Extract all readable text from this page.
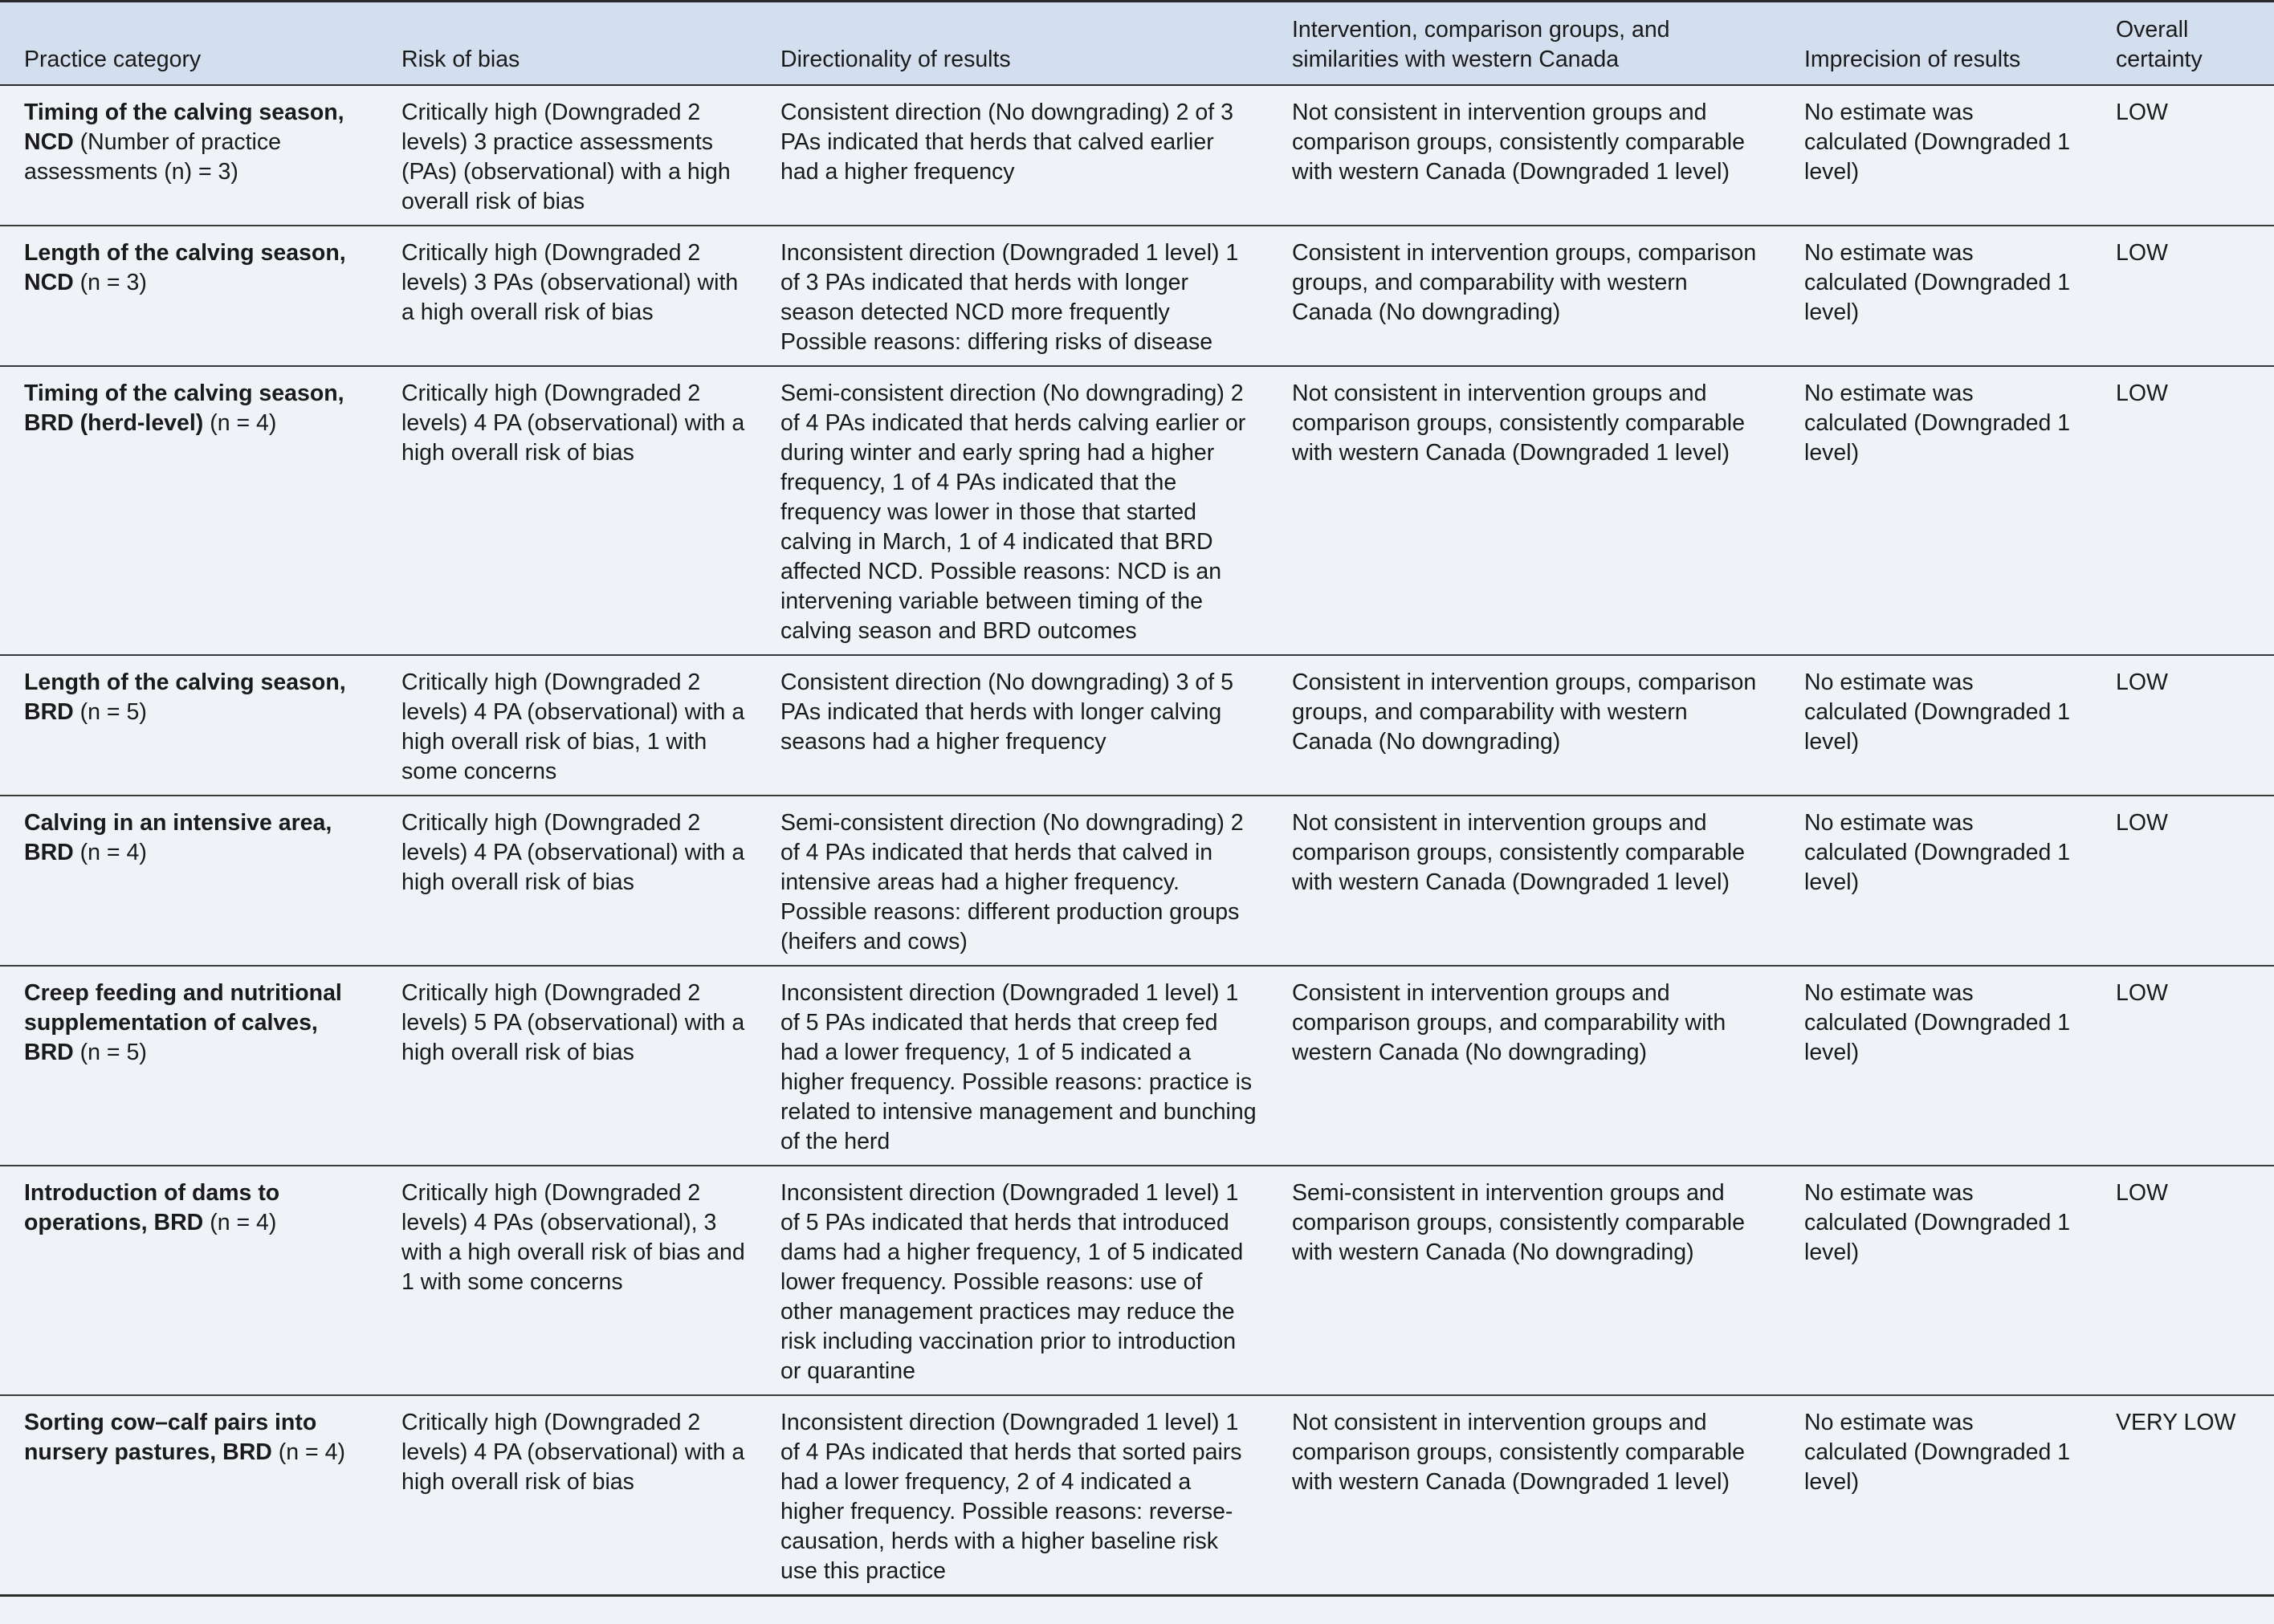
Practice category	Risk of bias	Directionality of results	Intervention, comparison groups, and similarities with western Canada	Imprecision of results	Overall certainty
Timing of the calving season, NCD (Number of practice assessments (n) = 3)	Critically high (Downgraded 2 levels) 3 practice assessments (PAs) (observational) with a high overall risk of bias	Consistent direction (No downgrading) 2 of 3 PAs indicated that herds that calved earlier had a higher frequency	Not consistent in intervention groups and comparison groups, consistently comparable with western Canada (Downgraded 1 level)	No estimate was calculated (Downgraded 1 level)	LOW
Length of the calving season, NCD (n = 3)	Critically high (Downgraded 2 levels) 3 PAs (observational) with a high overall risk of bias	Inconsistent direction (Downgraded 1 level) 1 of 3 PAs indicated that herds with longer season detected NCD more frequently Possible reasons: differing risks of disease	Consistent in intervention groups, comparison groups, and comparability with western Canada (No downgrading)	No estimate was calculated (Downgraded 1 level)	LOW
Timing of the calving season, BRD (herd-level) (n = 4)	Critically high (Downgraded 2 levels) 4 PA (observational) with a high overall risk of bias	Semi-consistent direction (No downgrading) 2 of 4 PAs indicated that herds calving earlier or during winter and early spring had a higher frequency, 1 of 4 PAs indicated that the frequency was lower in those that started calving in March, 1 of 4 indicated that BRD affected NCD. Possible reasons: NCD is an intervening variable between timing of the calving season and BRD outcomes	Not consistent in intervention groups and comparison groups, consistently comparable with western Canada (Downgraded 1 level)	No estimate was calculated (Downgraded 1 level)	LOW
Length of the calving season, BRD (n = 5)	Critically high (Downgraded 2 levels) 4 PA (observational) with a high overall risk of bias, 1 with some concerns	Consistent direction (No downgrading) 3 of 5 PAs indicated that herds with longer calving seasons had a higher frequency	Consistent in intervention groups, comparison groups, and comparability with western Canada (No downgrading)	No estimate was calculated (Downgraded 1 level)	LOW
Calving in an intensive area, BRD (n = 4)	Critically high (Downgraded 2 levels) 4 PA (observational) with a high overall risk of bias	Semi-consistent direction (No downgrading) 2 of 4 PAs indicated that herds that calved in intensive areas had a higher frequency. Possible reasons: different production groups (heifers and cows)	Not consistent in intervention groups and comparison groups, consistently comparable with western Canada (Downgraded 1 level)	No estimate was calculated (Downgraded 1 level)	LOW
Creep feeding and nutritional supplementation of calves, BRD (n = 5)	Critically high (Downgraded 2 levels) 5 PA (observational) with a high overall risk of bias	Inconsistent direction (Downgraded 1 level) 1 of 5 PAs indicated that herds that creep fed had a lower frequency, 1 of 5 indicated a higher frequency. Possible reasons: practice is related to intensive management and bunching of the herd	Consistent in intervention groups and comparison groups, and comparability with western Canada (No downgrading)	No estimate was calculated (Downgraded 1 level)	LOW
Introduction of dams to operations, BRD (n = 4)	Critically high (Downgraded 2 levels) 4 PAs (observational), 3 with a high overall risk of bias and 1 with some concerns	Inconsistent direction (Downgraded 1 level) 1 of 5 PAs indicated that herds that introduced dams had a higher frequency, 1 of 5 indicated lower frequency. Possible reasons: use of other management practices may reduce the risk including vaccination prior to introduction or quarantine	Semi-consistent in intervention groups and comparison groups, consistently comparable with western Canada (No downgrading)	No estimate was calculated (Downgraded 1 level)	LOW
Sorting cow–calf pairs into nursery pastures, BRD (n = 4)	Critically high (Downgraded 2 levels) 4 PA (observational) with a high overall risk of bias	Inconsistent direction (Downgraded 1 level) 1 of 4 PAs indicated that herds that sorted pairs had a lower frequency, 2 of 4 indicated a higher frequency. Possible reasons: reverse-causation, herds with a higher baseline risk use this practice	Not consistent in intervention groups and comparison groups, consistently comparable with western Canada (Downgraded 1 level)	No estimate was calculated (Downgraded 1 level)	VERY LOW
